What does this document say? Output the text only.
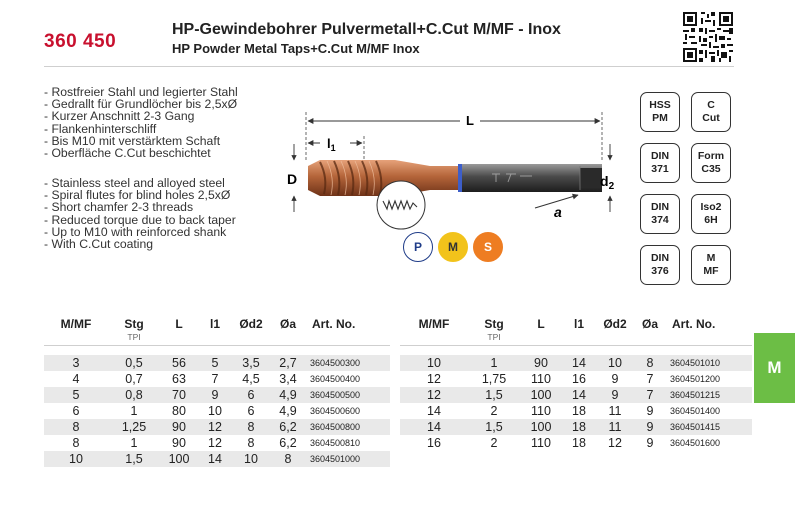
360 450
HP-Gewindebohrer Pulvermetall+C.Cut M/MF - Inox
HP Powder Metal Taps+C.Cut M/MF Inox
- Rostfreier Stahl und legierter Stahl
- Gedrallt für Grundlöcher bis 2,5xØ
- Kurzer Anschnitt 2-3 Gang
- Flankenhinterschliff
- Bis M10 mit verstärktem Schaft
- Oberfläche C.Cut beschichtet
- Stainless steel and alloyed steel
- Spiral flutes for blind holes 2,5xØ
- Short chamfer 2-3 threads
- Reduced torque due to back taper
- Up to M10 with reinforced shank
- With C.Cut coating
L
$l_1$
D	$d_2$
a
P	M	S
HSS
PM
C
Cut
DIN
371
Form
C35
DIN
374
Iso2
6H
DIN
376
M
MF
M
M/MF	Stg
TPI	L	l1	Ød2	Øa	Art. No.

3	0,5	56	5	3,5	2,7	3604500300
4	0,7	63	7	4,5	3,4	3604500400
5	0,8	70	9	6	4,9	3604500500
6	1	80	10	6	4,9	3604500600
8	1,25	90	12	8	6,2	3604500800
8	1	90	12	8	6,2	3604500810
10	1,5	100	14	10	8	3604501000
M/MF	Stg
TPI	L	l1	Ød2	Øa	Art. No.

10	1	90	14	10	8	3604501010
12	1,75	110	16	9	7	3604501200
12	1,5	100	14	9	7	3604501215
14	2	110	18	11	9	3604501400
14	1,5	100	18	11	9	3604501415
16	2	110	18	12	9	3604501600
